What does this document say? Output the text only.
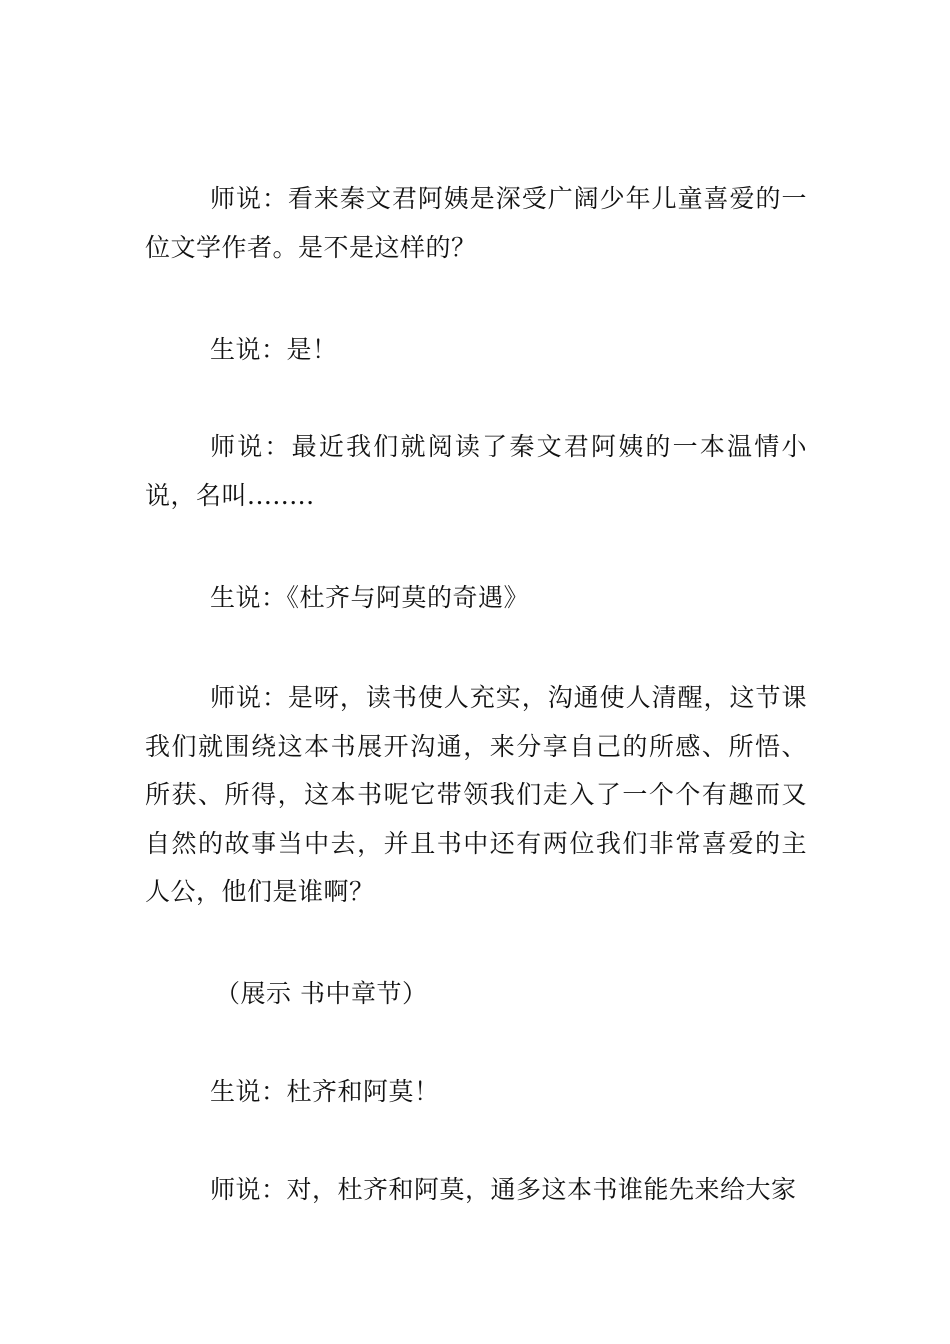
师说：看来秦文君阿姨是深受广阔少年儿童喜爱的一位文学作者。是不是这样的？

生说：是！

师说：最近我们就阅读了秦文君阿姨的一本温情小说，名叫........

生说：《杜齐与阿莫的奇遇》

师说：是呀，读书使人充实，沟通使人清醒，这节课我们就围绕这本书展开沟通，来分享自己的所感、所悟、所获、所得，这本书呢它带领我们走入了一个个有趣而又自然的故事当中去，并且书中还有两位我们非常喜爱的主人公，他们是谁啊？

（展示 书中章节）

生说：杜齐和阿莫！

师说：对，杜齐和阿莫，通多这本书谁能先来给大家
